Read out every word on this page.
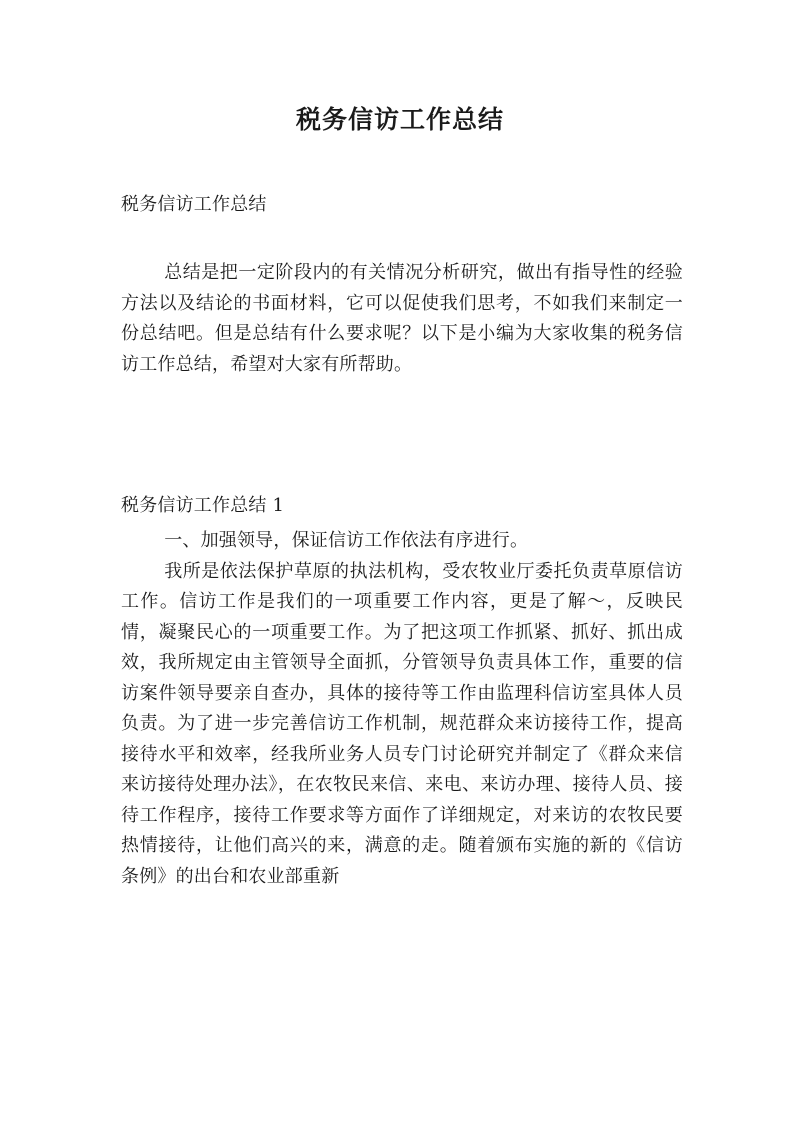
税务信访工作总结

税务信访工作总结

总结是把一定阶段内的有关情况分析研究，做出有指导性的经验方法以及结论的书面材料，它可以促使我们思考，不如我们来制定一份总结吧。但是总结有什么要求呢？以下是小编为大家收集的税务信访工作总结，希望对大家有所帮助。

税务信访工作总结 1

一、加强领导，保证信访工作依法有序进行。

我所是依法保护草原的执法机构，受农牧业厅委托负责草原信访工作。信访工作是我们的一项重要工作内容，更是了解～，反映民情，凝聚民心的一项重要工作。为了把这项工作抓紧、抓好、抓出成效，我所规定由主管领导全面抓，分管领导负责具体工作，重要的信访案件领导要亲自查办，具体的接待等工作由监理科信访室具体人员负责。为了进一步完善信访工作机制，规范群众来访接待工作，提高接待水平和效率，经我所业务人员专门讨论研究并制定了《群众来信来访接待处理办法》，在农牧民来信、来电、来访办理、接待人员、接待工作程序，接待工作要求等方面作了详细规定，对来访的农牧民要热情接待，让他们高兴的来，满意的走。随着颁布实施的新的《信访条例》的出台和农业部重新
